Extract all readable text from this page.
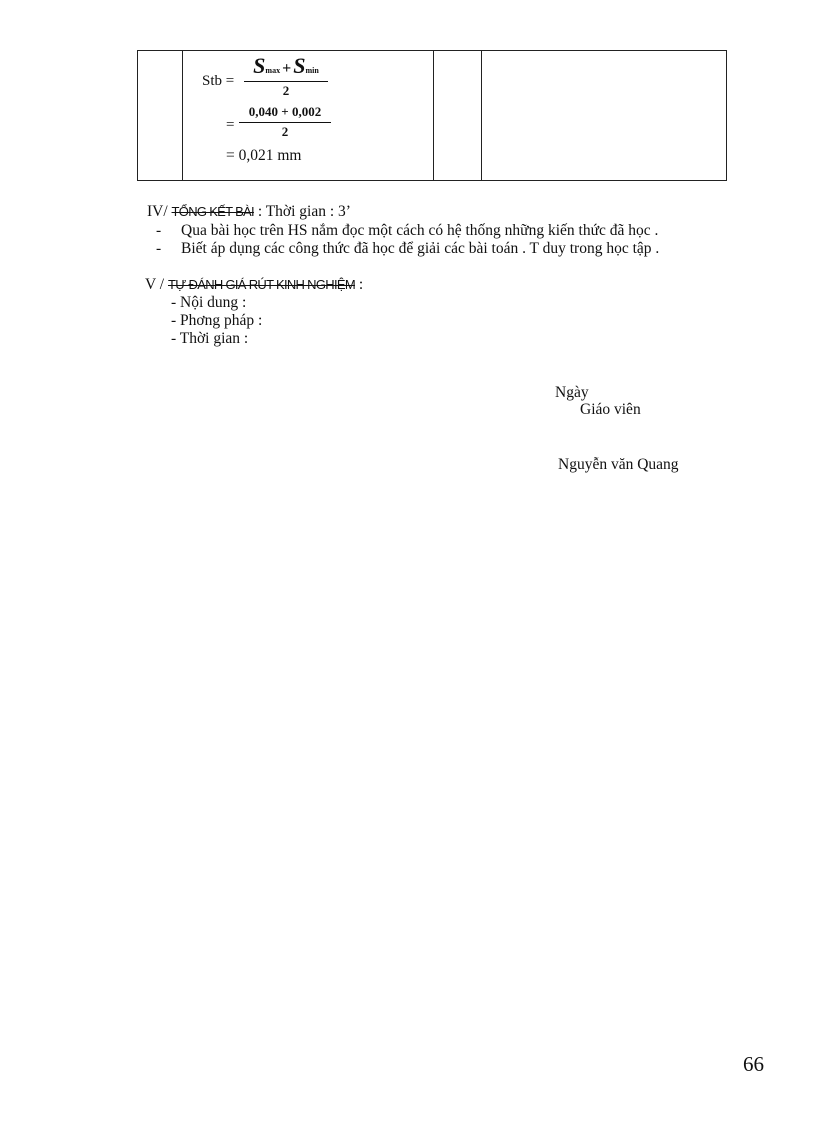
Stb =
Smax +Smin
2
=
0,040 + 0,002
2
= 0,021 mm
IV/ TỔNG KẾT BÀI : Thời gian : 3’
- Qua bài học trên HS nắm đọc một cách có hệ thống những kiến thức đã học .
- Biết áp dụng các công thức đã học để giải các bài toán . T duy trong học tập .
V / TỰ ĐÁNH GIÁ RÚT KINH NGHIỆM :
- Nội dung :
- Phơng pháp :
- Thời gian :
Ngày
Giáo viên
Nguyễn văn Quang
66
